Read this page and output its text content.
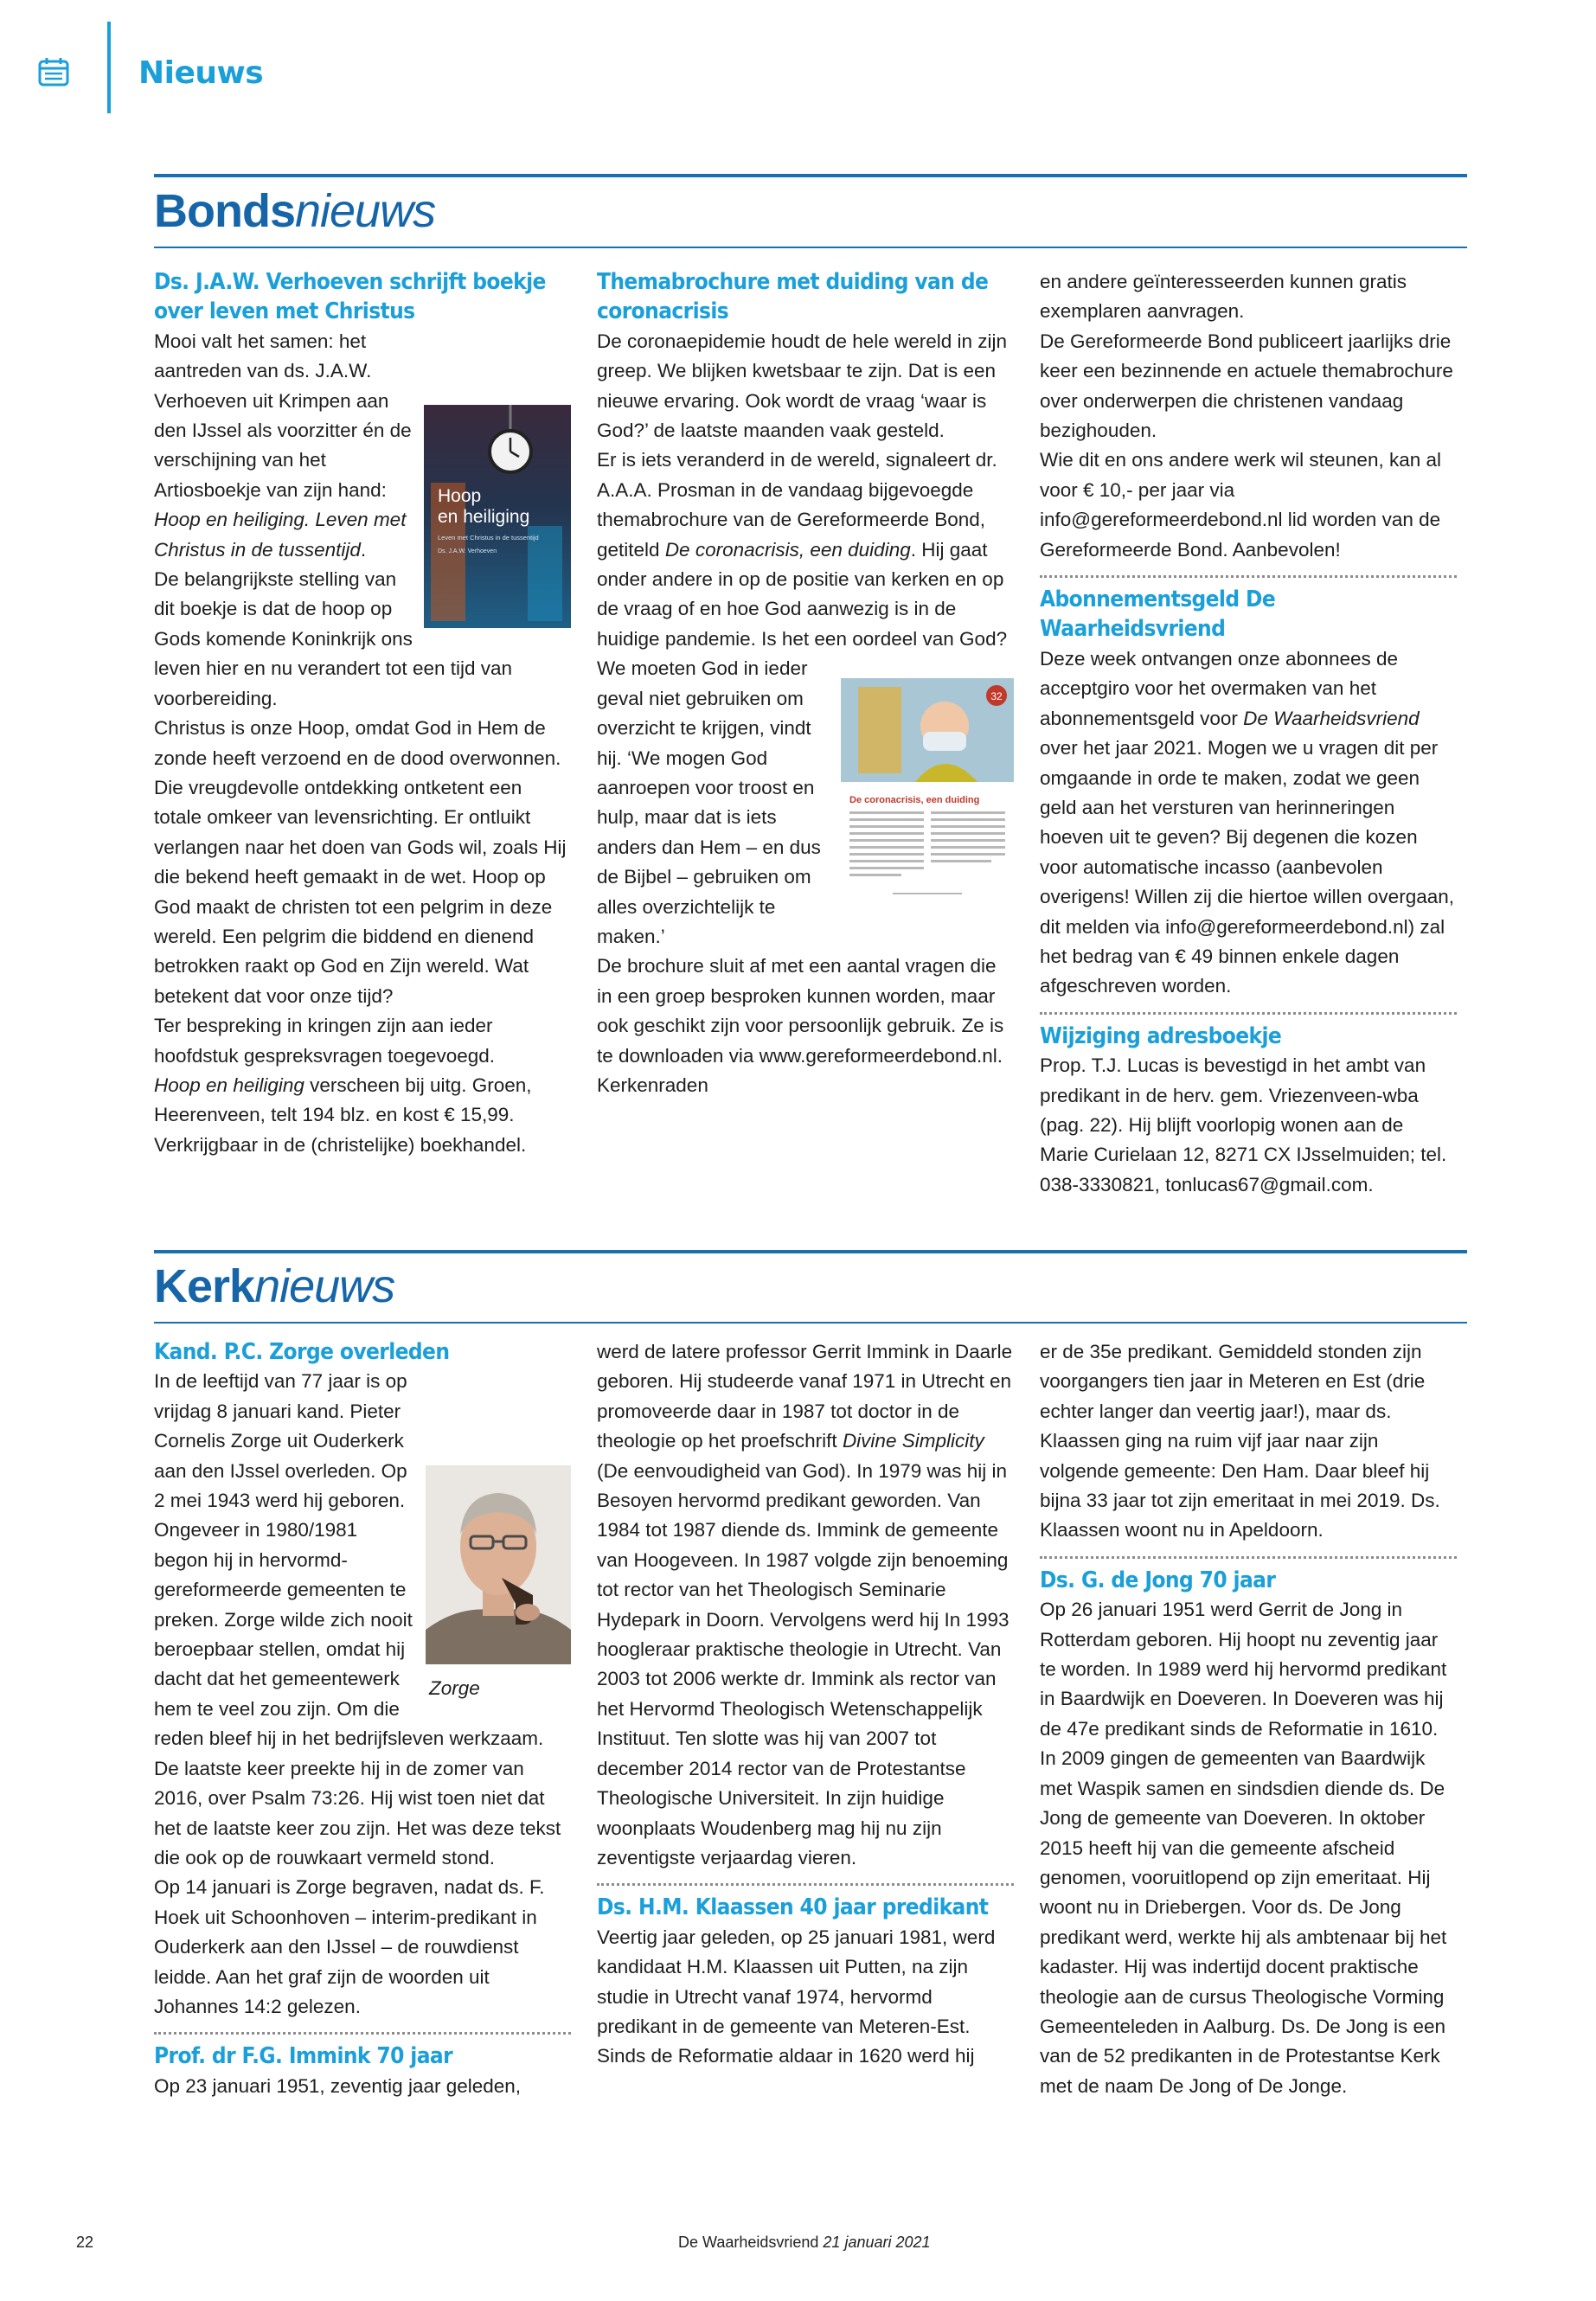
Nieuws
Bondsnieuws
Ds. J.A.W. Verhoeven schrijft boekje over leven met Christus
Hoop
en heiliging
Leven met Christus in de tussentijd
Ds. J.A.W. Verhoeven

Mooi valt het samen: het aantreden van ds. J.A.W. Verhoeven uit Krimpen aan den IJssel als voorzitter én de verschijning van het Artiosboekje van zijn hand: Hoop en heiliging. Leven met Christus in de tussentijd.

De belangrijkste stelling van dit boekje is dat de hoop op Gods komende Koninkrijk ons leven hier en nu verandert tot een tijd van voorbereiding.

Christus is onze Hoop, omdat God in Hem de zonde heeft verzoend en de dood overwonnen. Die vreugdevolle ontdekking ontketent een totale omkeer van levensrichting. Er ontluikt verlangen naar het doen van Gods wil, zoals Hij die bekend heeft gemaakt in de wet. Hoop op God maakt de christen tot een pelgrim in deze wereld. Een pelgrim die biddend en dienend betrokken raakt op God en Zijn wereld. Wat betekent dat voor onze tijd?

Ter bespreking in kringen zijn aan ieder hoofdstuk gespreksvragen toegevoegd.

Hoop en heiliging verscheen bij uitg. Groen, Heerenveen, telt 194 blz. en kost € 15,99. Verkrijgbaar in de (christelijke) boekhandel.

Themabrochure met duiding van de coronacrisis

De coronaepidemie houdt de hele wereld in zijn greep. We blijken kwetsbaar te zijn. Dat is een nieuwe ervaring. Ook wordt de vraag ‘waar is God?’ de laatste maanden vaak gesteld.

Er is iets veranderd in de wereld, signaleert dr. A.A.A. Prosman in de vandaag bijgevoegde themabrochure van de Gereformeerde Bond, getiteld De coronacrisis, een duiding. Hij gaat onder andere in op de positie van kerken en op de vraag of en hoe God aanwezig is in de huidige pandemie. Is het een oordeel van God?

32
De coronacrisis, een duiding

We moeten God in ieder geval niet gebruiken om overzicht te krijgen, vindt hij. ‘We mogen God aanroepen voor troost en hulp, maar dat is iets anders dan Hem – en dus de Bijbel – gebruiken om alles overzichtelijk te maken.’

De brochure sluit af met een aantal vragen die in een groep besproken kunnen worden, maar ook geschikt zijn voor persoonlijk gebruik. Ze is te downloaden via www.gereformeerdebond.nl. Kerkenraden

en andere geïnteresseerden kunnen gratis exemplaren aanvragen.

De Gereformeerde Bond publiceert jaarlijks drie keer een bezinnende en actuele themabrochure over onderwerpen die christenen vandaag bezighouden.

Wie dit en ons andere werk wil steunen, kan al voor € 10,- per jaar via info@gereformeerdebond.nl lid worden van de Gereformeerde Bond. Aanbevolen!

Abonnementsgeld De Waarheidsvriend

Deze week ontvangen onze abonnees de acceptgiro voor het overmaken van het abonnementsgeld voor De Waarheidsvriend over het jaar 2021. Mogen we u vragen dit per omgaande in orde te maken, zodat we geen geld aan het versturen van herinneringen hoeven uit te geven? Bij degenen die kozen voor automatische incasso (aanbevolen overigens! Willen zij die hiertoe willen overgaan, dit melden via info@gereformeerdebond.nl) zal het bedrag van € 49 binnen enkele dagen afgeschreven worden.

Wijziging adresboekje

Prop. T.J. Lucas is bevestigd in het ambt van predikant in de herv. gem. Vriezenveen-wba (pag. 22). Hij blijft voorlopig wonen aan de Marie Curielaan 12, 8271 CX IJsselmuiden; tel. 038-3330821, tonlucas67@gmail.com.

Kerknieuws
Kand. P.C. Zorge overleden
Zorge

In de leeftijd van 77 jaar is op vrijdag 8 januari kand. Pieter Cornelis Zorge uit Ouderkerk aan den IJssel overleden. Op 2 mei 1943 werd hij geboren. Ongeveer in 1980/1981 begon hij in hervormd-gereformeerde gemeenten te preken. Zorge wilde zich nooit beroepbaar stellen, omdat hij dacht dat het gemeentewerk hem te veel zou zijn. Om die reden bleef hij in het bedrijfsleven werkzaam. De laatste keer preekte hij in de zomer van 2016, over Psalm 73:26. Hij wist toen niet dat het de laatste keer zou zijn. Het was deze tekst die ook op de rouwkaart vermeld stond.

Op 14 januari is Zorge begraven, nadat ds. F. Hoek uit Schoonhoven – interim-predikant in Ouderkerk aan den IJssel – de rouwdienst leidde. Aan het graf zijn de woorden uit Johannes 14:2 gelezen.

Prof. dr F.G. Immink 70 jaar

Op 23 januari 1951, zeventig jaar geleden,

werd de latere professor Gerrit Immink in Daarle geboren. Hij studeerde vanaf 1971 in Utrecht en promoveerde daar in 1987 tot doctor in de theologie op het proefschrift Divine Simplicity (De eenvoudigheid van God). In 1979 was hij in Besoyen hervormd predikant geworden. Van 1984 tot 1987 diende ds. Immink de gemeente van Hoogeveen. In 1987 volgde zijn benoeming tot rector van het Theologisch Seminarie Hydepark in Doorn. Vervolgens werd hij In 1993 hoogleraar praktische theologie in Utrecht. Van 2003 tot 2006 werkte dr. Immink als rector van het Hervormd Theologisch Wetenschappelijk Instituut. Ten slotte was hij van 2007 tot december 2014 rector van de Protestantse Theologische Universiteit. In zijn huidige woonplaats Woudenberg mag hij nu zijn zeventigste verjaardag vieren.

Ds. H.M. Klaassen 40 jaar predikant

Veertig jaar geleden, op 25 januari 1981, werd kandidaat H.M. Klaassen uit Putten, na zijn studie in Utrecht vanaf 1974, hervormd predikant in de gemeente van Meteren-Est. Sinds de Reformatie aldaar in 1620 werd hij

er de 35e predikant. Gemiddeld stonden zijn voorgangers tien jaar in Meteren en Est (drie echter langer dan veertig jaar!), maar ds. Klaassen ging na ruim vijf jaar naar zijn volgende gemeente: Den Ham. Daar bleef hij bijna 33 jaar tot zijn emeritaat in mei 2019. Ds. Klaassen woont nu in Apeldoorn.

Ds. G. de Jong 70 jaar

Op 26 januari 1951 werd Gerrit de Jong in Rotterdam geboren. Hij hoopt nu zeventig jaar te worden. In 1989 werd hij hervormd predikant in Baardwijk en Doeveren. In Doeveren was hij de 47e predikant sinds de Reformatie in 1610. In 2009 gingen de gemeenten van Baardwijk met Waspik samen en sindsdien diende ds. De Jong de gemeente van Doeveren. In oktober 2015 heeft hij van die gemeente afscheid genomen, vooruitlopend op zijn emeritaat. Hij woont nu in Driebergen. Voor ds. De Jong predikant werd, werkte hij als ambtenaar bij het kadaster. Hij was indertijd docent praktische theologie aan de cursus Theologische Vorming Gemeenteleden in Aalburg. Ds. De Jong is een van de 52 predikanten in de Protestantse Kerk met de naam De Jong of De Jonge.

22	De Waarheidsvriend 21 januari 2021
